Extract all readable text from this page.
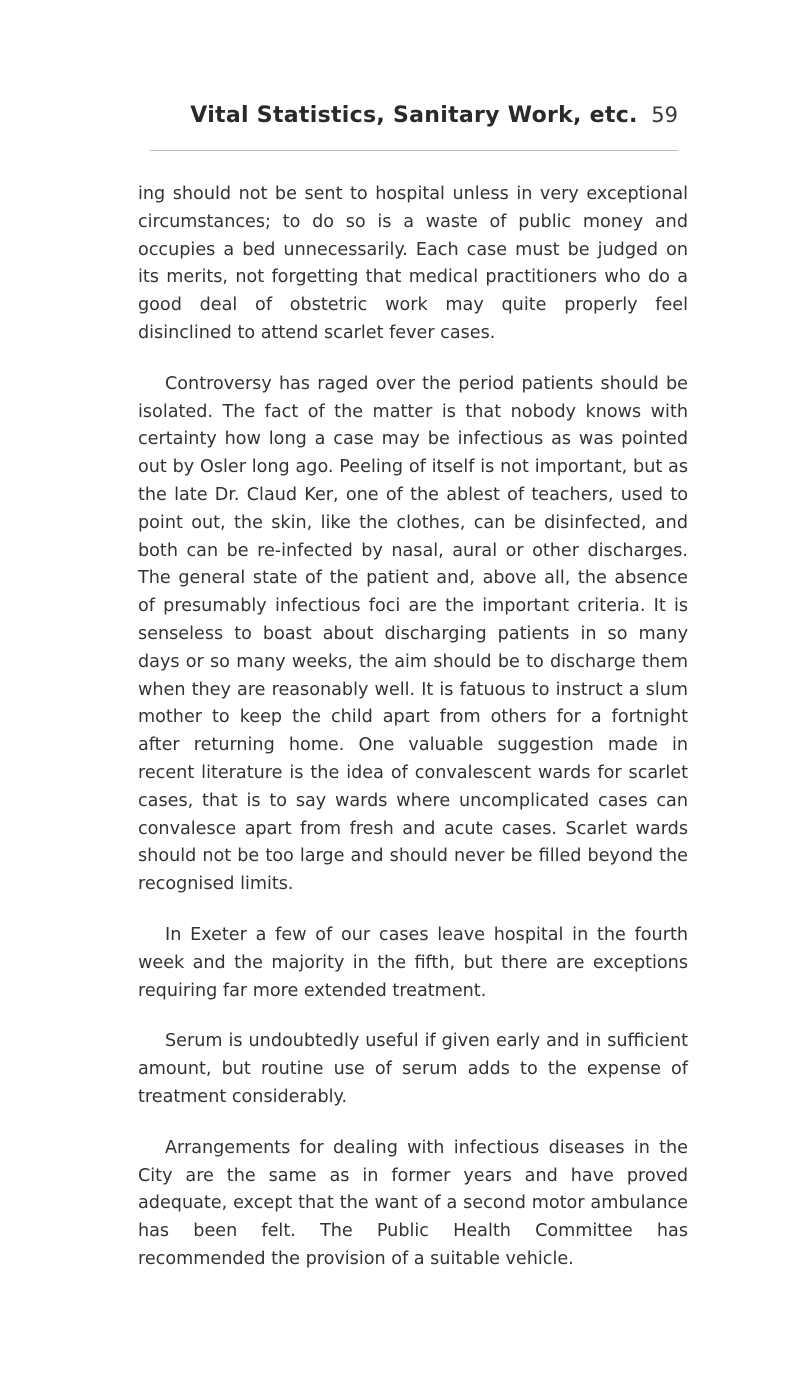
Vital Statistics, Sanitary Work, etc. 59

ing should not be sent to hospital unless in very exceptional circumstances; to do so is a waste of public money and occupies a bed unnecessarily. Each case must be judged on its merits, not forgetting that medical practitioners who do a good deal of obstetric work may quite properly feel disinclined to attend scarlet fever cases.

Controversy has raged over the period patients should be isolated. The fact of the matter is that nobody knows with certainty how long a case may be infectious as was pointed out by Osler long ago. Peeling of itself is not important, but as the late Dr. Claud Ker, one of the ablest of teachers, used to point out, the skin, like the clothes, can be disinfected, and both can be re-infected by nasal, aural or other discharges. The general state of the patient and, above all, the absence of presumably infectious foci are the important criteria. It is senseless to boast about discharging patients in so many days or so many weeks, the aim should be to discharge them when they are reasonably well. It is fatuous to instruct a slum mother to keep the child apart from others for a fortnight after returning home. One valuable suggestion made in recent literature is the idea of convalescent wards for scarlet cases, that is to say wards where uncomplicated cases can convalesce apart from fresh and acute cases. Scarlet wards should not be too large and should never be filled beyond the recognised limits.

In Exeter a few of our cases leave hospital in the fourth week and the majority in the fifth, but there are exceptions requiring far more extended treatment.

Serum is undoubtedly useful if given early and in sufficient amount, but routine use of serum adds to the expense of treatment considerably.

Arrangements for dealing with infectious diseases in the City are the same as in former years and have proved adequate, except that the want of a second motor ambulance has been felt. The Public Health Committee has recommended the provision of a suitable vehicle.
